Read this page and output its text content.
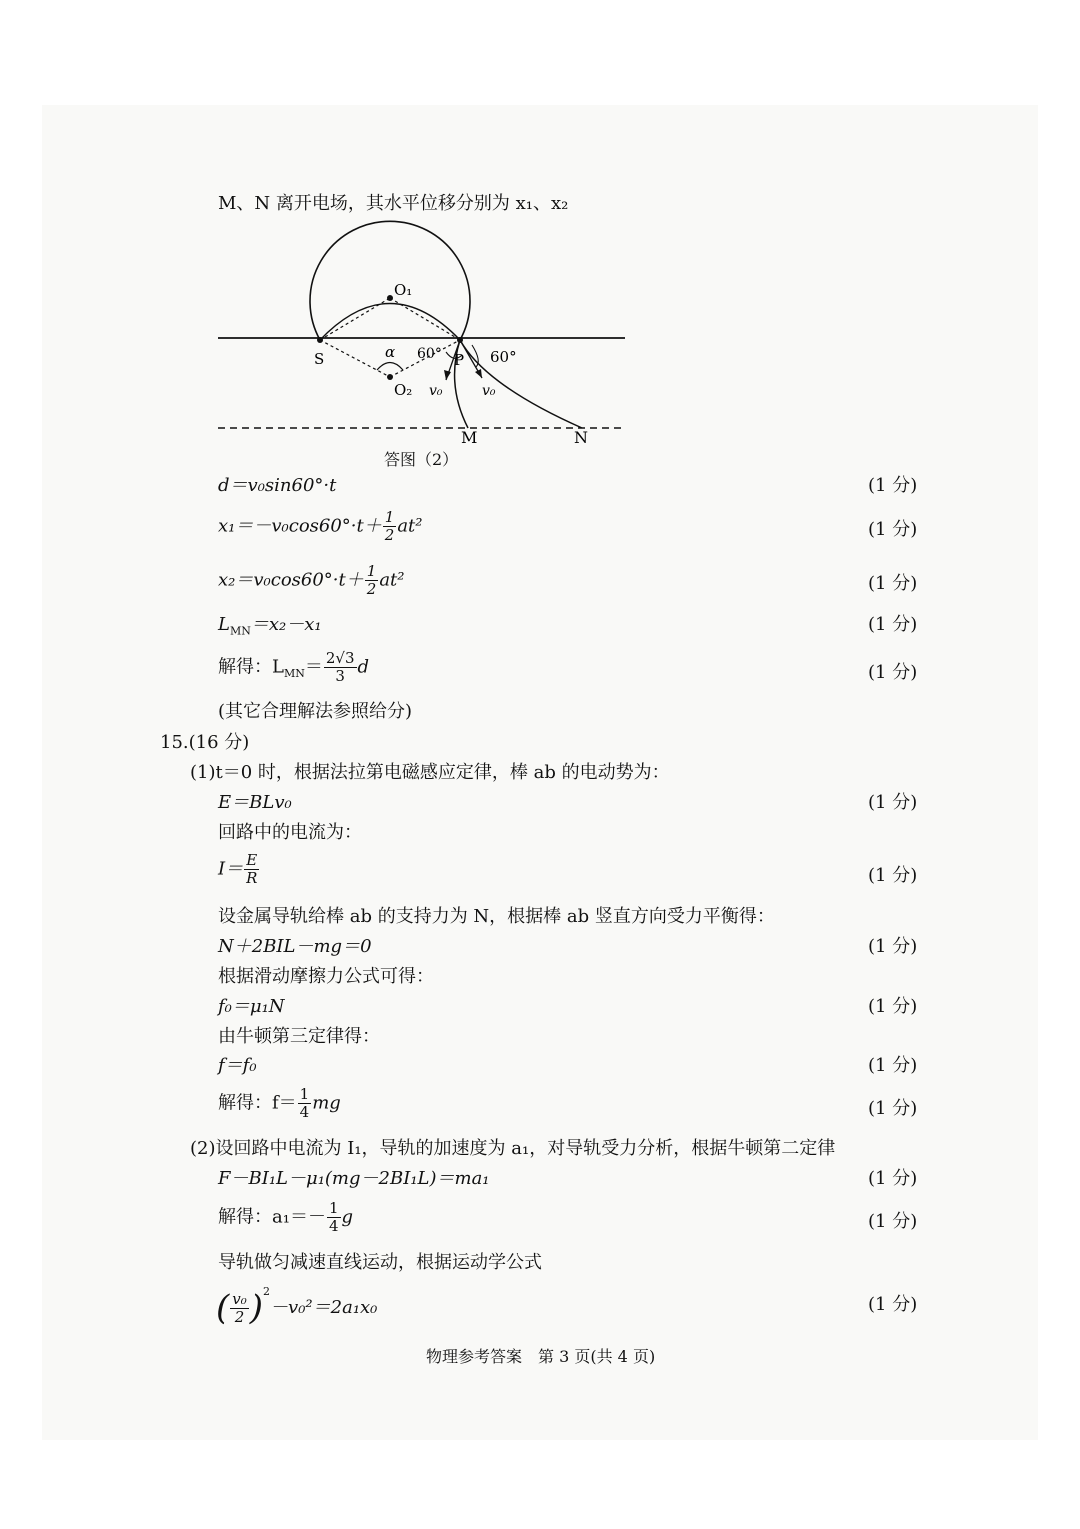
M、N 离开电场，其水平位移分别为 x₁、x₂
O₁
O₂
S	P
α 60°	60°
v₀	v₀
M	N
答图（2）
d＝v₀sin60°·t	(1 分)
$x_1=-v_0\cos 60^\circ\cdot t+ \frac{1}{2} at^2$	(1 分)
$x_2=v_0\cos 60^\circ\cdot t+ \frac{1}{2} at^2$	(1 分)
$L_{MN}=x_2-x_1$	(1 分)
解得：$L_{MN}= \frac{2√3}{3}$ d	(1 分)
(其它合理解法参照给分)
15.(16 分)
(1)t＝0 时，根据法拉第电磁感应定律，棒 ab 的电动势为：
E＝BLv₀	(1 分)
回路中的电流为：
$I= \frac{E}{R}$	(1 分)
设金属导轨给棒 ab 的支持力为 N，根据棒 ab 竖直方向受力平衡得：
N＋2BIL－mg＝0	(1 分)
根据滑动摩擦力公式可得：
f₀＝μ₁N	(1 分)
由牛顿第三定律得：
f＝f₀	(1 分)
解得：$f= \frac{1}{4}$ mg	(1 分)
(2)设回路中电流为 I₁，导轨的加速度为 a₁，对导轨受力分析，根据牛顿第二定律
F－BI₁L－μ₁(mg－2BI₁L)＝ma₁	(1 分)
解得：$a_1=- \frac{1}{4}$ g	(1 分)
导轨做匀减速直线运动，根据运动学公式
( $\frac{\text{v₀}}{2} )^2-v_0^2=2a_1x_0$	(1 分)
物理参考答案　第 3 页(共 4 页)
